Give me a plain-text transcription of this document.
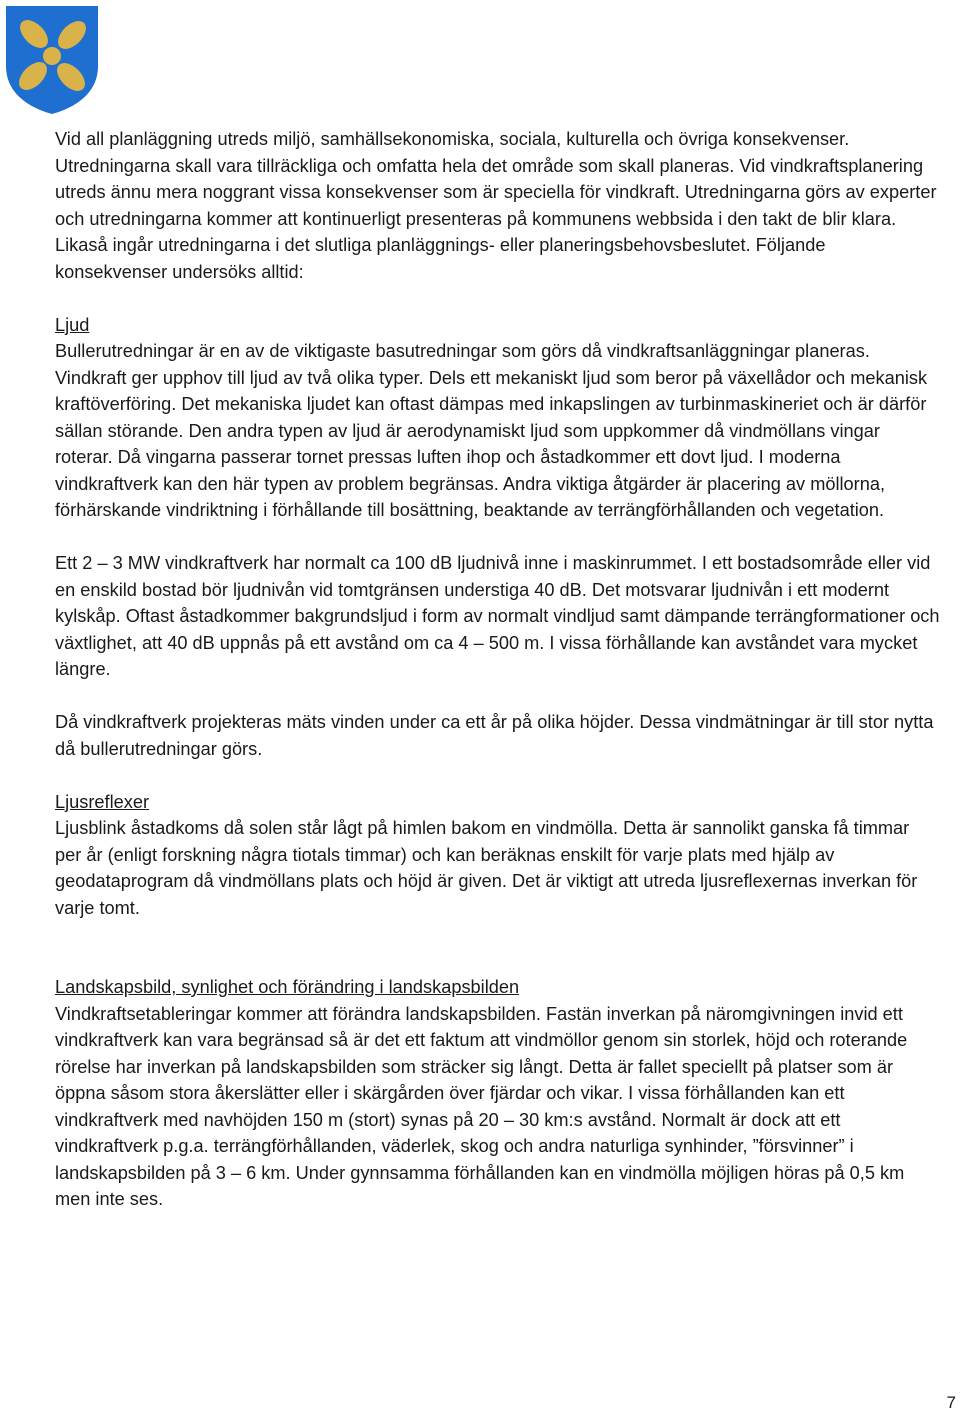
Vid all planläggning utreds miljö, samhällsekonomiska, sociala, kulturella och övriga konsekvenser. Utredningarna skall vara tillräckliga och omfatta hela det område som skall planeras. Vid vindkraftsplanering utreds ännu mera noggrant vissa konsekvenser som är speciella för vindkraft. Utredningarna görs av experter och utredningarna kommer att kontinuerligt presenteras på kommunens webbsida i den takt de blir klara. Likaså ingår utredningarna i det slutliga planläggnings- eller planeringsbehovsbeslutet. Följande konsekvenser undersöks alltid:

Ljud

Bullerutredningar är en av de viktigaste basutredningar som görs då vindkraftsanläggningar planeras. Vindkraft ger upphov till ljud av två olika typer. Dels ett mekaniskt ljud som beror på växellådor och mekanisk kraftöverföring. Det mekaniska ljudet kan oftast dämpas med inkapslingen av turbinmaskineriet och är därför sällan störande. Den andra typen av ljud är aerodynamiskt ljud som uppkommer då vindmöllans vingar roterar. Då vingarna passerar tornet pressas luften ihop och åstadkommer ett dovt ljud. I moderna vindkraftverk kan den här typen av problem begränsas. Andra viktiga åtgärder är placering av möllorna, förhärskande vindriktning i förhållande till bosättning, beaktande av terrängförhållanden och vegetation.

Ett 2 – 3 MW vindkraftverk har normalt ca 100 dB ljudnivå inne i maskinrummet. I ett bostadsområde eller vid en enskild bostad bör ljudnivån vid tomtgränsen understiga 40 dB. Det motsvarar ljudnivån i ett modernt kylskåp. Oftast åstadkommer bakgrundsljud i form av normalt vindljud samt dämpande terrängformationer och växtlighet, att 40 dB uppnås på ett avstånd om ca 4 – 500 m. I vissa förhållande kan avståndet vara mycket längre.

Då vindkraftverk projekteras mäts vinden under ca ett år på olika höjder. Dessa vindmätningar är till stor nytta då bullerutredningar görs.

Ljusreflexer

Ljusblink åstadkoms då solen står lågt på himlen bakom en vindmölla. Detta är sannolikt ganska få timmar per år (enligt forskning några tiotals timmar) och kan beräknas enskilt för varje plats med hjälp av geodataprogram då vindmöllans plats och höjd är given. Det är viktigt att utreda ljusreflexernas inverkan för varje tomt.

Landskapsbild, synlighet och förändring i landskapsbilden

Vindkraftsetableringar kommer att förändra landskapsbilden. Fastän inverkan på näromgivningen invid ett vindkraftverk kan vara begränsad så är det ett faktum att vindmöllor genom sin storlek, höjd och roterande rörelse har inverkan på landskapsbilden som sträcker sig långt. Detta är fallet speciellt på platser som är öppna såsom stora åkerslätter eller i skärgården över fjärdar och vikar. I vissa förhållanden kan ett vindkraftverk med navhöjden 150 m (stort) synas på 20 – 30 km:s avstånd. Normalt är dock att ett vindkraftverk p.g.a. terrängförhållanden, väderlek, skog och andra naturliga synhinder, ”försvinner” i landskapsbilden på 3 – 6 km. Under gynnsamma förhållanden kan en vindmölla möjligen höras på 0,5 km men inte ses.

7
